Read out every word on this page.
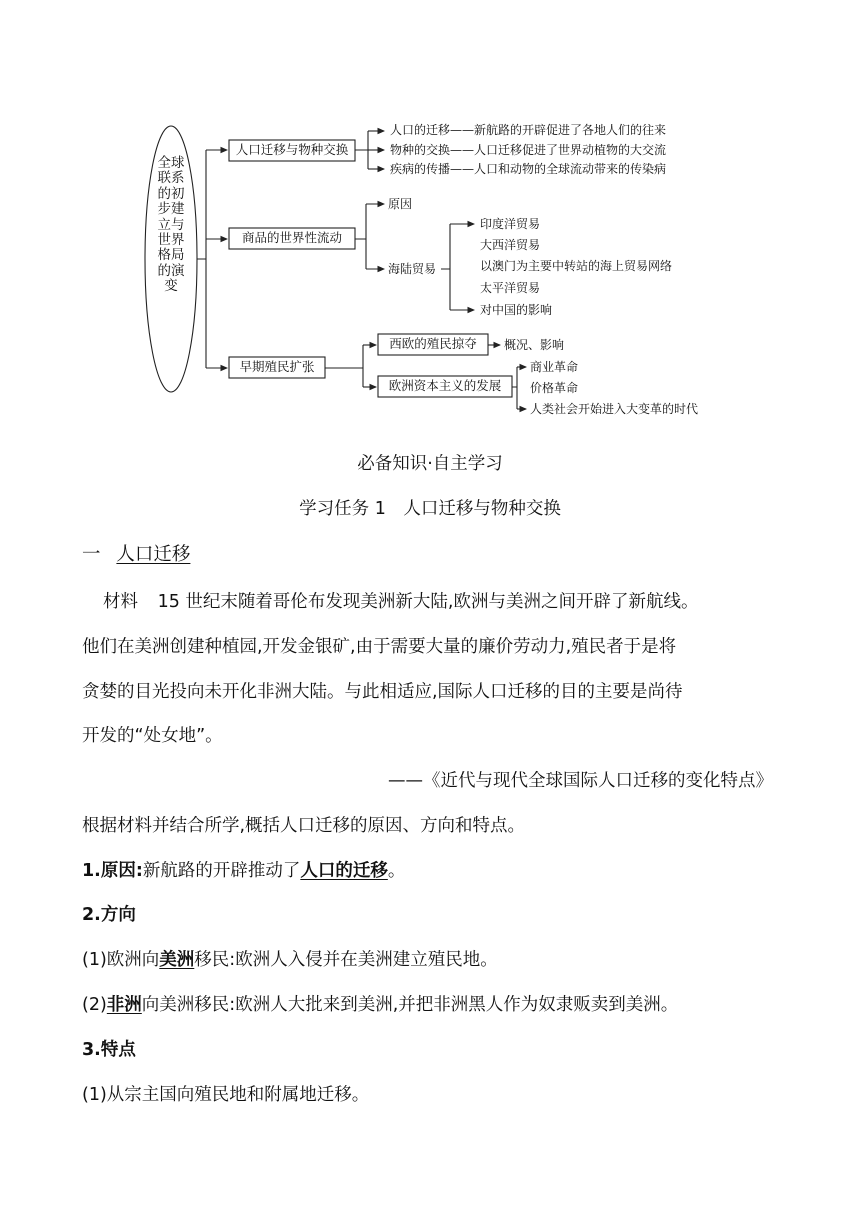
全球联系的初步建立与世界格局的演变
人口迁移与物种交换
人口的迁移——新航路的开辟促进了各地人们的往来
物种的交换——人口迁移促进了世界动植物的大交流
疾病的传播——人口和动物的全球流动带来的传染病
商品的世界性流动
原因
海陆贸易
印度洋贸易
大西洋贸易
以澳门为主要中转站的海上贸易网络
太平洋贸易
对中国的影响
早期殖民扩张
西欧的殖民掠夺	概况、影响
欧洲资本主义的发展
商业革命
价格革命
人类社会开始进入大变革的时代
必备知识·自主学习
学习任务 1　人口迁移与物种交换
一 人口迁移
材料 15 世纪末随着哥伦布发现美洲新大陆,欧洲与美洲之间开辟了新航线。
他们在美洲创建种植园,开发金银矿,由于需要大量的廉价劳动力,殖民者于是将
贪婪的目光投向未开化非洲大陆。与此相适应,国际人口迁移的目的主要是尚待
开发的“处女地”。
——《近代与现代全球国际人口迁移的变化特点》
根据材料并结合所学,概括人口迁移的原因、方向和特点。
1.原因:新航路的开辟推动了人口的迁移。
2.方向
(1)欧洲向美洲移民:欧洲人入侵并在美洲建立殖民地。
(2)非洲向美洲移民:欧洲人大批来到美洲,并把非洲黑人作为奴隶贩卖到美洲。
3.特点
(1)从宗主国向殖民地和附属地迁移。
